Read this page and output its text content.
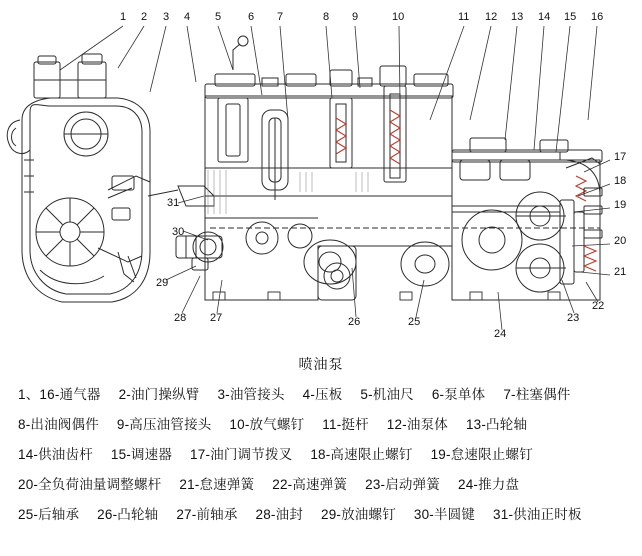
1 2 3 4 5 6 7	8 9	10	11 12 13 14 15 16
17
18
19
20
21
22
23
24
25
26
27
28
29
30
31
喷油泵
1、16-通气器 2-油门操纵臂 3-油管接头 4-压板 5-机油尺 6-泵单体 7-柱塞偶件
8-出油阀偶件 9-高压油管接头 10-放气螺钉 11-挺杆 12-油泵体 13-凸轮轴
14-供油齿杆 15-调速器 17-油门调节拨叉 18-高速限止螺钉 19-怠速限止螺钉
20-全负荷油量调整螺杆 21-怠速弹簧 22-高速弹簧 23-启动弹簧 24-推力盘
25-后轴承 26-凸轮轴 27-前轴承 28-油封 29-放油螺钉 30-半圆键 31-供油正时板
